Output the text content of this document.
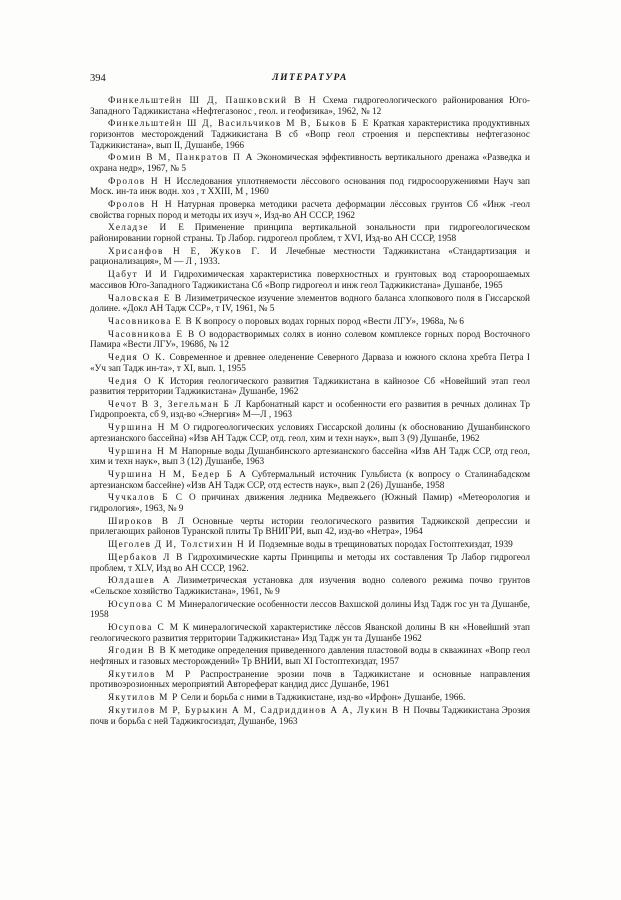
394	ЛИТЕРАТУРА

Финкельштейн Ш Д, Пашковский В Н Схема гидрогеологического районирования Юго-Западного Таджикистана «Нефтегазонос , геол. и геофизика», 1962, № 12

Финкельштейн Ш Д, Васильчиков М В, Быков Б Е Краткая характеристика продуктивных горизонтов месторождений Таджикистана В сб «Вопр геол строения и перспективы нефтегазонос Таджикистана», вып II, Душанбе, 1966

Фомин В М, Панкратов П А Экономическая эффективность вертикального дренажа «Разведка и охрана недр», 1967, № 5

Фролов Н Н Исследования уплотняемости лёссового основания под гидросооружениями Науч зап Моск. ин-та инж водн. хоз , т XXIII, М , 1960

Фролов Н Н Натурная проверка методики расчета деформации лёссовых грунтов Сб «Инж -геол свойства горных пород и методы их изуч », Изд-во АН СССР, 1962

Хеладзе И Е Применение принципа вертикальной зональности при гидрогеологическом районировании горной страны. Тр Лабор. гидрогеол проблем, т XVI, Изд-во АН СССР, 1958

Хрисанфов Н Е, Жуков Г. И Лечебные местности Таджикистана «Стандартизация и рационализация», М — Л , 1933.

Цабут И И Гидрохимическая характеристика поверхностных и грунтовых вод староорошаемых массивов Юго-Западного Таджикистана Сб «Вопр гидрогеол и инж геол Таджикистана» Душанбе, 1965

Чаловская Е В Лизиметрическое изучение элементов водного баланса хлопкового поля в Гиссарской долине. «Докл АН Тадж ССР», т IV, 1961, № 5

Часовникова Е В К вопросу о поровых водах горных пород «Вести ЛГУ», 1968а, № 6

Часовникова Е В О водорастворимых солях в ионно солевом комплексе горных пород Восточного Памира «Вести ЛГУ», 1968б, № 12

Чедия О К. Современное и древнее оледенение Северного Дарваза и южного склона хребта Петра I «Уч зап Тадж ин-та», т XI, вып. 1, 1955

Чедия О К История геологического развития Таджикистана в кайнозое Сб «Новейший этап геол развития территории Таджикистана» Душанбе, 1962

Чечот В З, Зегельман Б Л Карбонатный карст и особенности его развития в речных долинах Тр Гидропроекта, сб 9, изд-во «Энергия» М—Л , 1963

Чуршина Н М О гидрогеологических условиях Гиссарской долины (к обоснованию Душанбинского артезианского бассейна) «Изв АН Тадж ССР, отд. геол, хим и техн наук», вып 3 (9) Душанбе, 1962

Чуршина Н М Напорные воды Душанбинского артезианского бассейна «Изв АН Тадж ССР, отд геол, хим и техн наук», вып 3 (12) Душанбе, 1963

Чуршина Н М, Бедер Б А Субтермальный источник Гульбиста (к вопросу о Сталинабадском артезианском бассейне) «Изв АН Тадж ССР, отд естеств наук», вып 2 (26) Душанбе, 1958

Чучкалов Б С О причинах движения ледника Медвежьего (Южный Памир) «Метеорология и гидрология», 1963, № 9

Широков В Л Основные черты истории геологического развития Таджикской депрессии и прилегающих районов Туранской плиты Тр ВНИГРИ, вып 42, изд-во «Нетра», 1964

Щеголев Д И, Толстихин Н И Подземные воды в трещиноватых породах Гостоптехиздат, 1939

Щербаков Л В Гидрохимические карты Принципы и методы их составления Тр Лабор гидрогеол проблем, т XLV, Изд во АН СССР, 1962.

Юлдашев А Лизиметрическая установка для изучения водно солевого режима почво грунтов «Сельское хозяйство Таджикистана», 1961, № 9

Юсупова С М Минералогические особенности лессов Вахшской долины Изд Тадж гос ун та Душанбе, 1958

Юсупова С М К минералогической характеристике лёссов Яванской долины В кн «Новейший этап геологического развития территории Таджикистана» Изд Тадж ун та Душанбе 1962

Ягодин В В К методике определения приведенного давления пластовой воды в скважинах «Вопр геол нефтяных и газовых месторождений» Тр ВНИИ, вып XI Гостоптехиздат, 1957

Якутилов М Р Распространение эрозии почв в Таджикистане и основные направления противоэрозионных мероприятий Автореферат кандид дисс Душанбе, 1961

Якутилов М Р Сели и борьба с ними в Таджикистане, изд-во «Ирфон» Душанбе, 1966.

Якутилов М Р, Бурыкин А М, Садриддинов А А, Лукин В Н Почвы Таджикистана Эрозия почв и борьба с ней Таджикгосиздат, Душанбе, 1963
